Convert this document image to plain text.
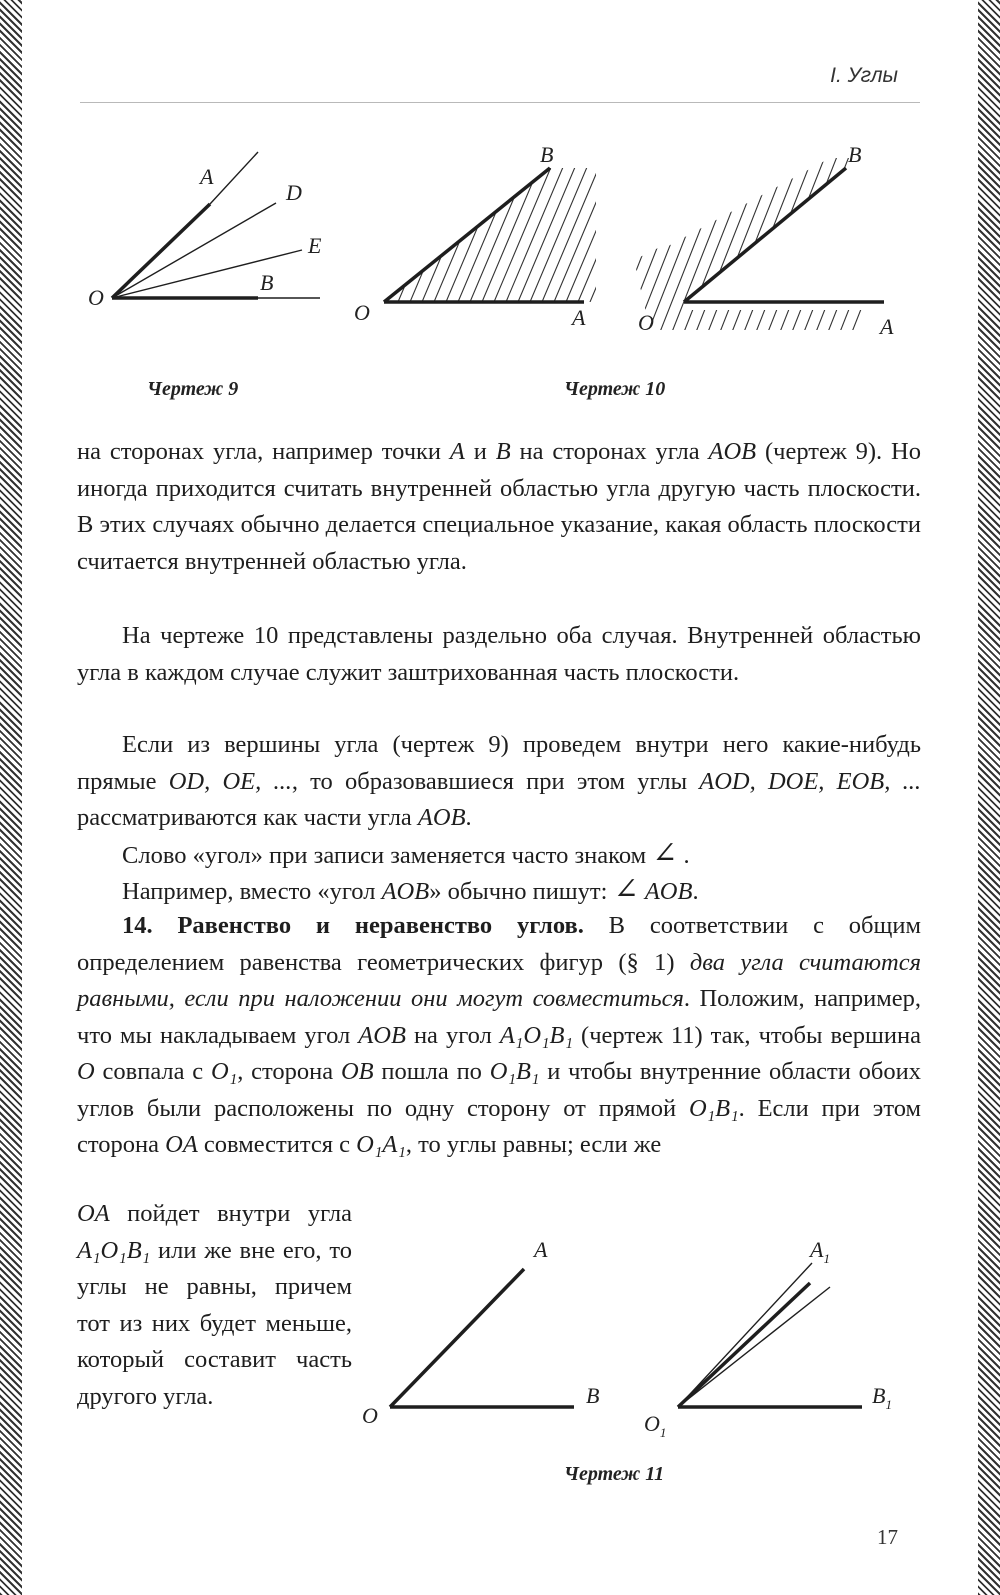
I. Углы
A
D
E
B
O
Чертеж 9
B
O	A
Чертеж 10
B
O	A

на сторонах угла, например точки A и B на сторонах угла AOB (чертеж 9). Но иногда приходится считать внутренней областью угла другую часть плоскости. В этих случаях обычно делается специальное указание, какая область плоскости считается внутренней областью угла.

На чертеже 10 представлены раздельно оба случая. Внутренней областью угла в каждом случае служит заштрихованная часть плоскости.

Если из вершины угла (чертеж 9) проведем внутри него какие-нибудь прямые OD, OE, ..., то образовавшиеся при этом углы AOD, DOE, EOB, ... рассматриваются как части угла AOB.

Слово «угол» при записи заменяется часто знаком ∠ .

Например, вместо «угол AOB» обычно пишут: ∠ AOB.

14. Равенство и неравенство углов. В соответствии с общим определением равенства геометрических фигур (§ 1) два угла считаются равными, если при наложении они могут совместиться. Положим, например, что мы накладываем угол AOB на угол A₁O₁B₁ (чертеж 11) так, чтобы вершина O совпала с O₁, сторона OB пошла по O₁B₁ и чтобы внутренние области обоих углов были расположены по одну сторону от прямой O₁B₁. Если при этом сторона OA совместится с O₁A₁, то углы равны; если же

OA пойдет внутри угла A₁O₁B₁ или же вне его, то углы не равны, причем тот из них будет меньше, который составит часть другого угла.

A
O
B
$A_1$
$O_1$
$B_1$
Чертеж 11
17
